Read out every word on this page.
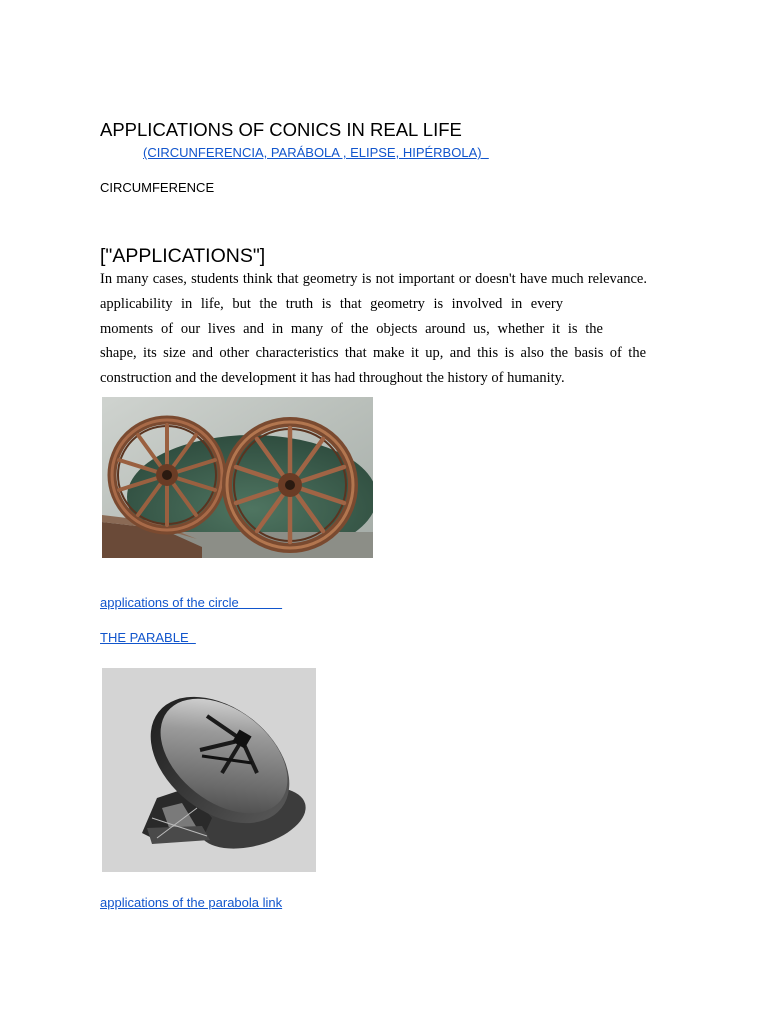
APPLICATIONS OF CONICS IN REAL LIFE
(CIRCUNFERENCIA, PARÁBOLA , ELIPSE, HIPÉRBOLA)
CIRCUMFERENCE
["APPLICATIONS"]
In many cases, students think that geometry is not important or doesn't have much relevance.
applicability in life, but the truth is that geometry is involved in every
moments of our lives and in many of the objects around us, whether it is the
shape, its size and other characteristics that make it up, and this is also the basis of the
construction and the development it has had throughout the history of humanity.
applications of the circle
THE PARABLE
applications of the parabola link
